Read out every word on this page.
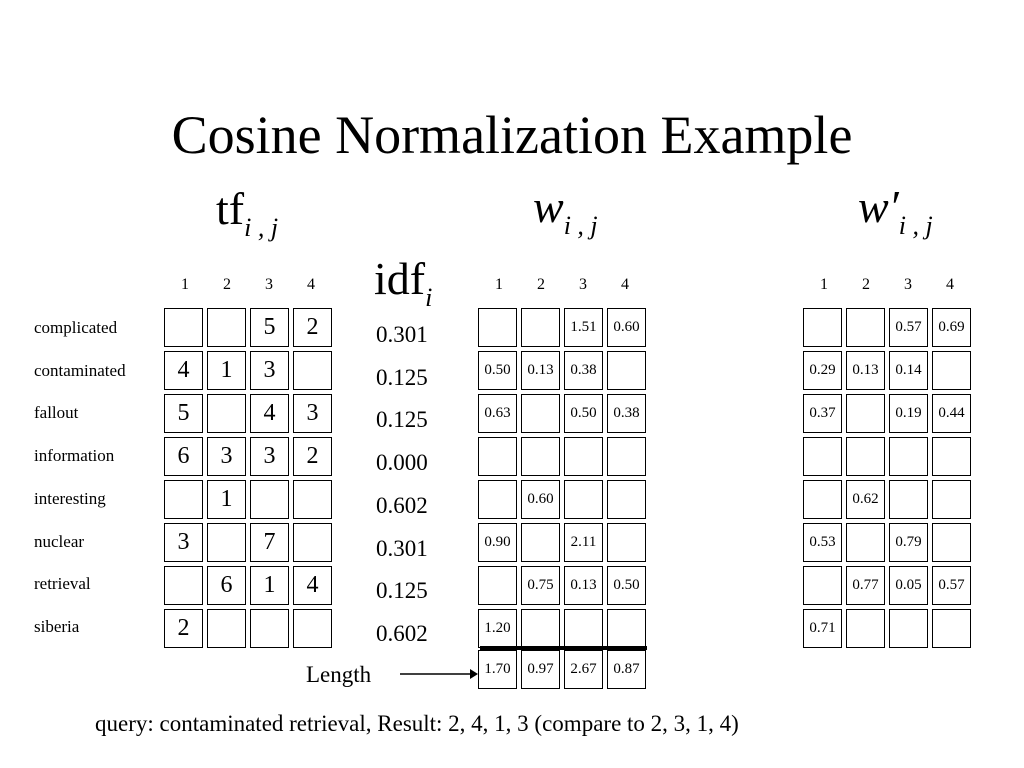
Cosine Normalization Example
$tf_{i , j}$	$w_{i , j}$	$w'_{i , j}$
idf$_i$
1	2	3	4	1	2	3	4	1	2	3	4
complicated
contaminated
fallout
information
interesting
nuclear
retrieval
siberia
		5	2
4	1	3	
5		4	3
6	3	3	2
	1		
3		7	
	6	1	4
2			
0.301
0.125
0.125
0.000
0.602
0.301
0.125
0.602
		1.51	0.60
0.50	0.13	0.38	
0.63		0.50	0.38

	0.60		
0.90		2.11	
	0.75	0.13	0.50
1.20			
1.70	0.97	2.67	0.87
		0.57	0.69
0.29	0.13	0.14	
0.37		0.19	0.44

	0.62		
0.53		0.79	
	0.77	0.05	0.57
0.71			
Length
query: contaminated retrieval, Result: 2, 4, 1, 3 (compare to 2, 3, 1, 4)
